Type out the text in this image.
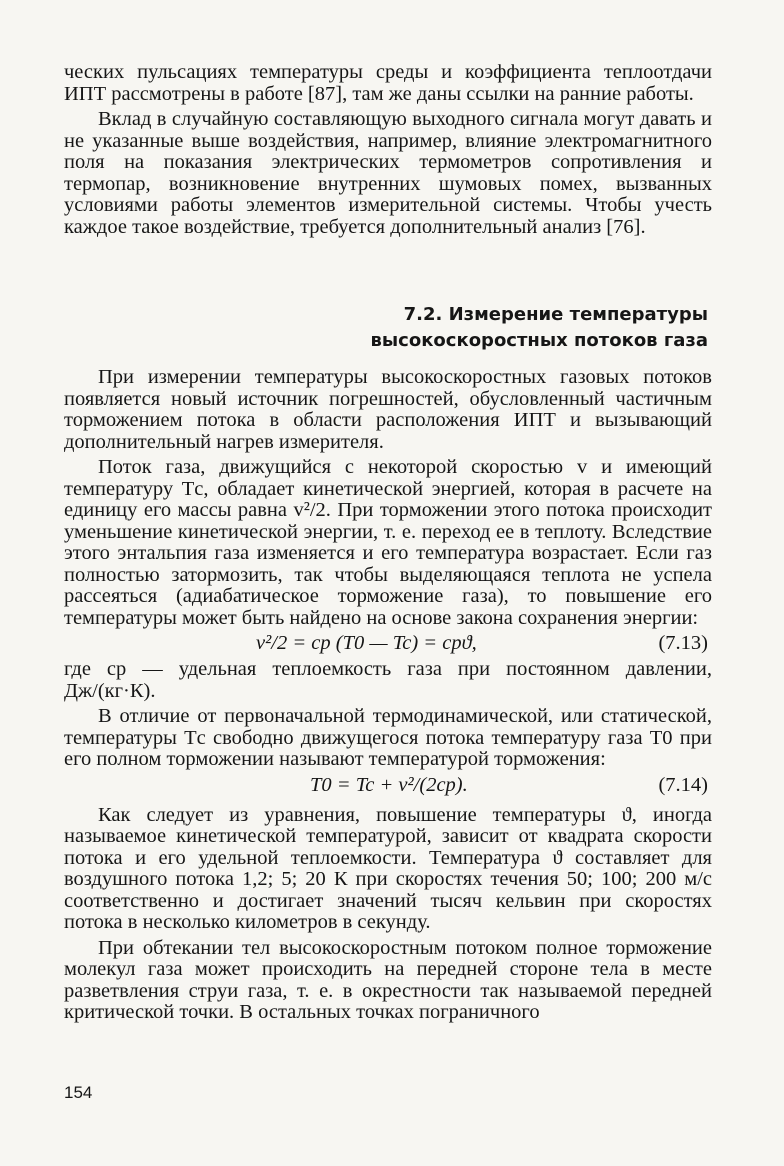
ческих пульсациях температуры среды и коэффициента теплоотдачи ИПТ рассмотрены в работе [87], там же даны ссылки на ранние работы.

Вклад в случайную составляющую выходного сигнала могут давать и не указанные выше воздействия, например, влияние электромагнитного поля на показания электрических термометров сопротивления и термопар, возникновение внутренних шумовых помех, вызванных условиями работы элементов измерительной системы. Чтобы учесть каждое такое воздействие, требуется дополнительный анализ [76].

7.2. Измерение температуры
высокоскоростных потоков газа

При измерении температуры высокоскоростных газовых потоков появляется новый источник погрешностей, обусловленный частичным торможением потока в области расположения ИПТ и вызывающий дополнительный нагрев измерителя.

Поток газа, движущийся с некоторой скоростью v и имеющий температуру Tс, обладает кинетической энергией, которая в расчете на единицу его массы равна v²/2. При торможении этого потока происходит уменьшение кинетической энергии, т. е. переход ее в теплоту. Вследствие этого энтальпия газа изменяется и его температура возрастает. Если газ полностью затормозить, так чтобы выделяющаяся теплота не успела рассеяться (адиабатическое торможение газа), то повышение его температуры может быть найдено на основе закона сохранения энергии:

v²/2 = cp (T0 — Tc) = cpϑ,	(7.13)

где cp — удельная теплоемкость газа при постоянном давлении, Дж/(кг·К).

В отличие от первоначальной термодинамической, или статической, температуры Tс свободно движущегося потока температуру газа T0 при его полном торможении называют температурой торможения:

T0 = Tc + v²/(2cp).	(7.14)

Как следует из уравнения, повышение температуры ϑ, иногда называемое кинетической температурой, зависит от квадрата скорости потока и его удельной теплоемкости. Температура ϑ составляет для воздушного потока 1,2; 5; 20 К при скоростях течения 50; 100; 200 м/с соответственно и достигает значений тысяч кельвин при скоростях потока в несколько километров в секунду.

При обтекании тел высокоскоростным потоком полное торможение молекул газа может происходить на передней стороне тела в месте разветвления струи газа, т. е. в окрестности так называемой передней критической точки. В остальных точках пограничного

154
